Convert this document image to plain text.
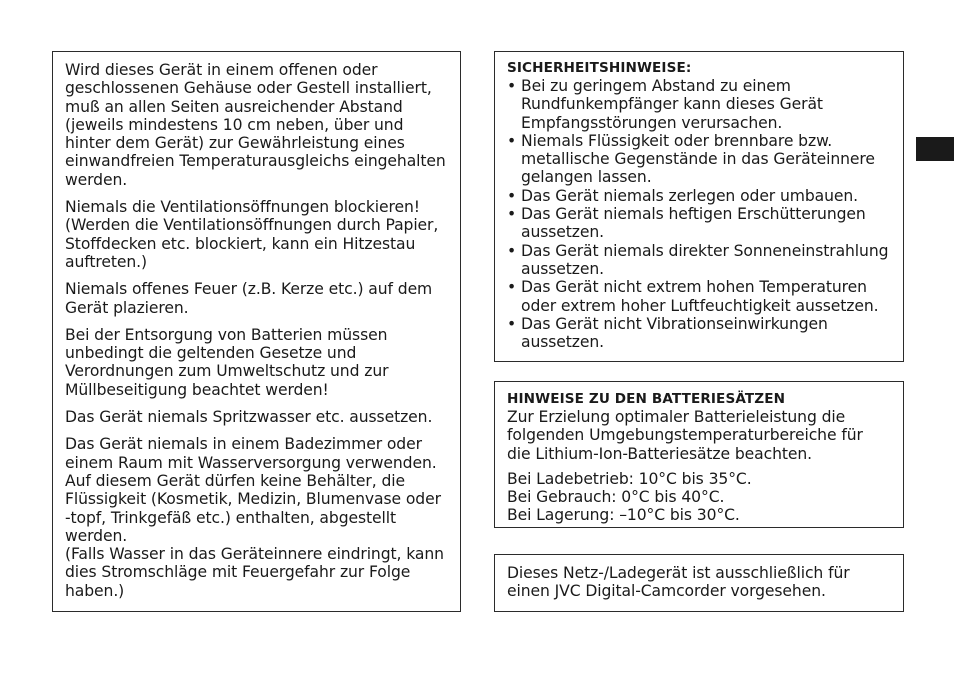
Wird dieses Gerät in einem offenen oder
geschlossenen Gehäuse oder Gestell installiert,
muß an allen Seiten ausreichender Abstand
(jeweils mindestens 10 cm neben, über und
hinter dem Gerät) zur Gewährleistung eines
einwandfreien Temperaturausgleichs eingehalten
werden.

Niemals die Ventilationsöffnungen blockieren!
(Werden die Ventilationsöffnungen durch Papier,
Stoffdecken etc. blockiert, kann ein Hitzestau
auftreten.)

Niemals offenes Feuer (z.B. Kerze etc.) auf dem
Gerät plazieren.

Bei der Entsorgung von Batterien müssen
unbedingt die geltenden Gesetze und
Verordnungen zum Umweltschutz und zur
Müllbeseitigung beachtet werden!

Das Gerät niemals Spritzwasser etc. aussetzen.

Das Gerät niemals in einem Badezimmer oder
einem Raum mit Wasserversorgung verwenden.
Auf diesem Gerät dürfen keine Behälter, die
Flüssigkeit (Kosmetik, Medizin, Blumenvase oder
-topf, Trinkgefäß etc.) enthalten, abgestellt
werden.
(Falls Wasser in das Geräteinnere eindringt, kann
dies Stromschläge mit Feuergefahr zur Folge
haben.)

SICHERHEITSHINWEISE:

• Bei zu geringem Abstand zu einem
Rundfunkempfänger kann dieses Gerät
Empfangsstörungen verursachen.
• Niemals Flüssigkeit oder brennbare bzw.
metallische Gegenstände in das Geräteinnere
gelangen lassen.
• Das Gerät niemals zerlegen oder umbauen.
• Das Gerät niemals heftigen Erschütterungen
aussetzen.
• Das Gerät niemals direkter Sonneneinstrahlung
aussetzen.
• Das Gerät nicht extrem hohen Temperaturen
oder extrem hoher Luftfeuchtigkeit aussetzen.
• Das Gerät nicht Vibrationseinwirkungen
aussetzen.

HINWEISE ZU DEN BATTERIESÄTZEN

Zur Erzielung optimaler Batterieleistung die
folgenden Umgebungstemperaturbereiche für
die Lithium-Ion-Batteriesätze beachten.

Bei Ladebetrieb: 10°C bis 35°C.
Bei Gebrauch: 0°C bis 40°C.
Bei Lagerung: –10°C bis 30°C.

Dieses Netz-/Ladegerät ist ausschließlich für
einen JVC Digital-Camcorder vorgesehen.
